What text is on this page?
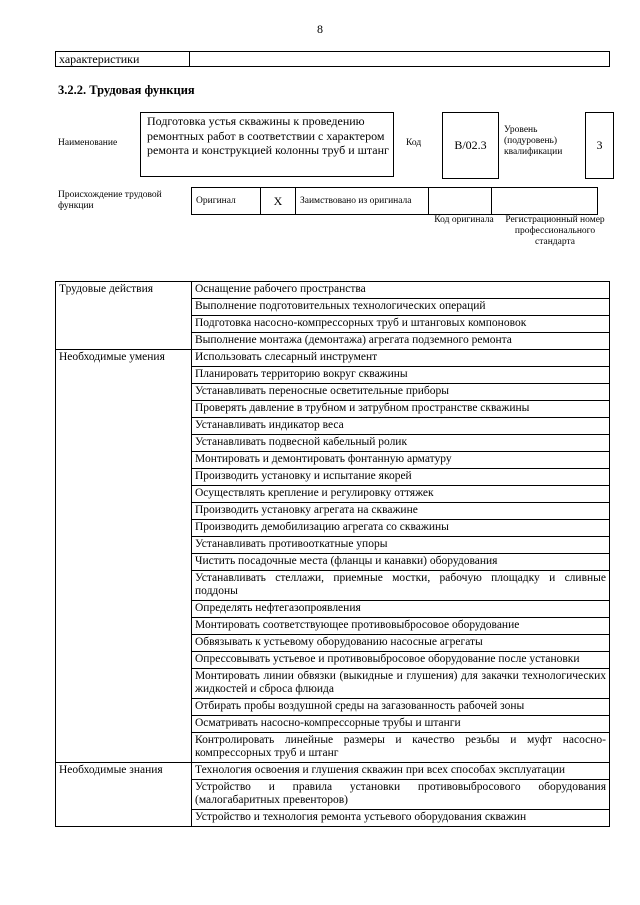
8
характеристики	
3.2.2. Трудовая функция
Наименование
Подготовка устья скважины к проведению ремонтных работ в соответствии с характером ремонта и конструкцией колонны труб и штанг	Код	B/02.3
Уровень (подуровень) квалификации	3
Происхождение трудовой функции
Оригинал	X	Заимствовано из оригинала		
Код оригинала	Регистрационный номер профессионального стандарта
Трудовые действия	Оснащение рабочего пространства
	Выполнение подготовительных технологических операций
	Подготовка насосно-компрессорных труб и штанговых компоновок
	Выполнение монтажа (демонтажа) агрегата подземного ремонта
Необходимые умения	Использовать слесарный инструмент
	Планировать территорию вокруг скважины
	Устанавливать переносные осветительные приборы
	Проверять давление в трубном и затрубном пространстве скважины
	Устанавливать индикатор веса
	Устанавливать подвесной кабельный ролик
	Монтировать и демонтировать фонтанную арматуру
	Производить установку и испытание якорей
	Осуществлять крепление и регулировку оттяжек
	Производить установку агрегата на скважине
	Производить демобилизацию агрегата со скважины
	Устанавливать противооткатные упоры
	Чистить посадочные места (фланцы и канавки) оборудования
	Устанавливать стеллажи, приемные мостки, рабочую площадку и сливные поддоны
	Определять нефтегазопроявления
	Монтировать соответствующее противовыбросовое оборудование
	Обвязывать к устьевому оборудованию насосные агрегаты
	Опрессовывать устьевое и противовыбросовое оборудование после установки
	Монтировать линии обвязки (выкидные и глушения) для закачки технологических жидкостей и сброса флюида
	Отбирать пробы воздушной среды на загазованность рабочей зоны
	Осматривать насосно-компрессорные трубы и штанги
	Контролировать линейные размеры и качество резьбы и муфт насосно-компрессорных труб и штанг
Необходимые знания	Технология освоения и глушения скважин при всех способах эксплуатации
	Устройство и правила установки противовыбросового оборудования (малогабаритных превенторов)
	Устройство и технология ремонта устьевого оборудования скважин
